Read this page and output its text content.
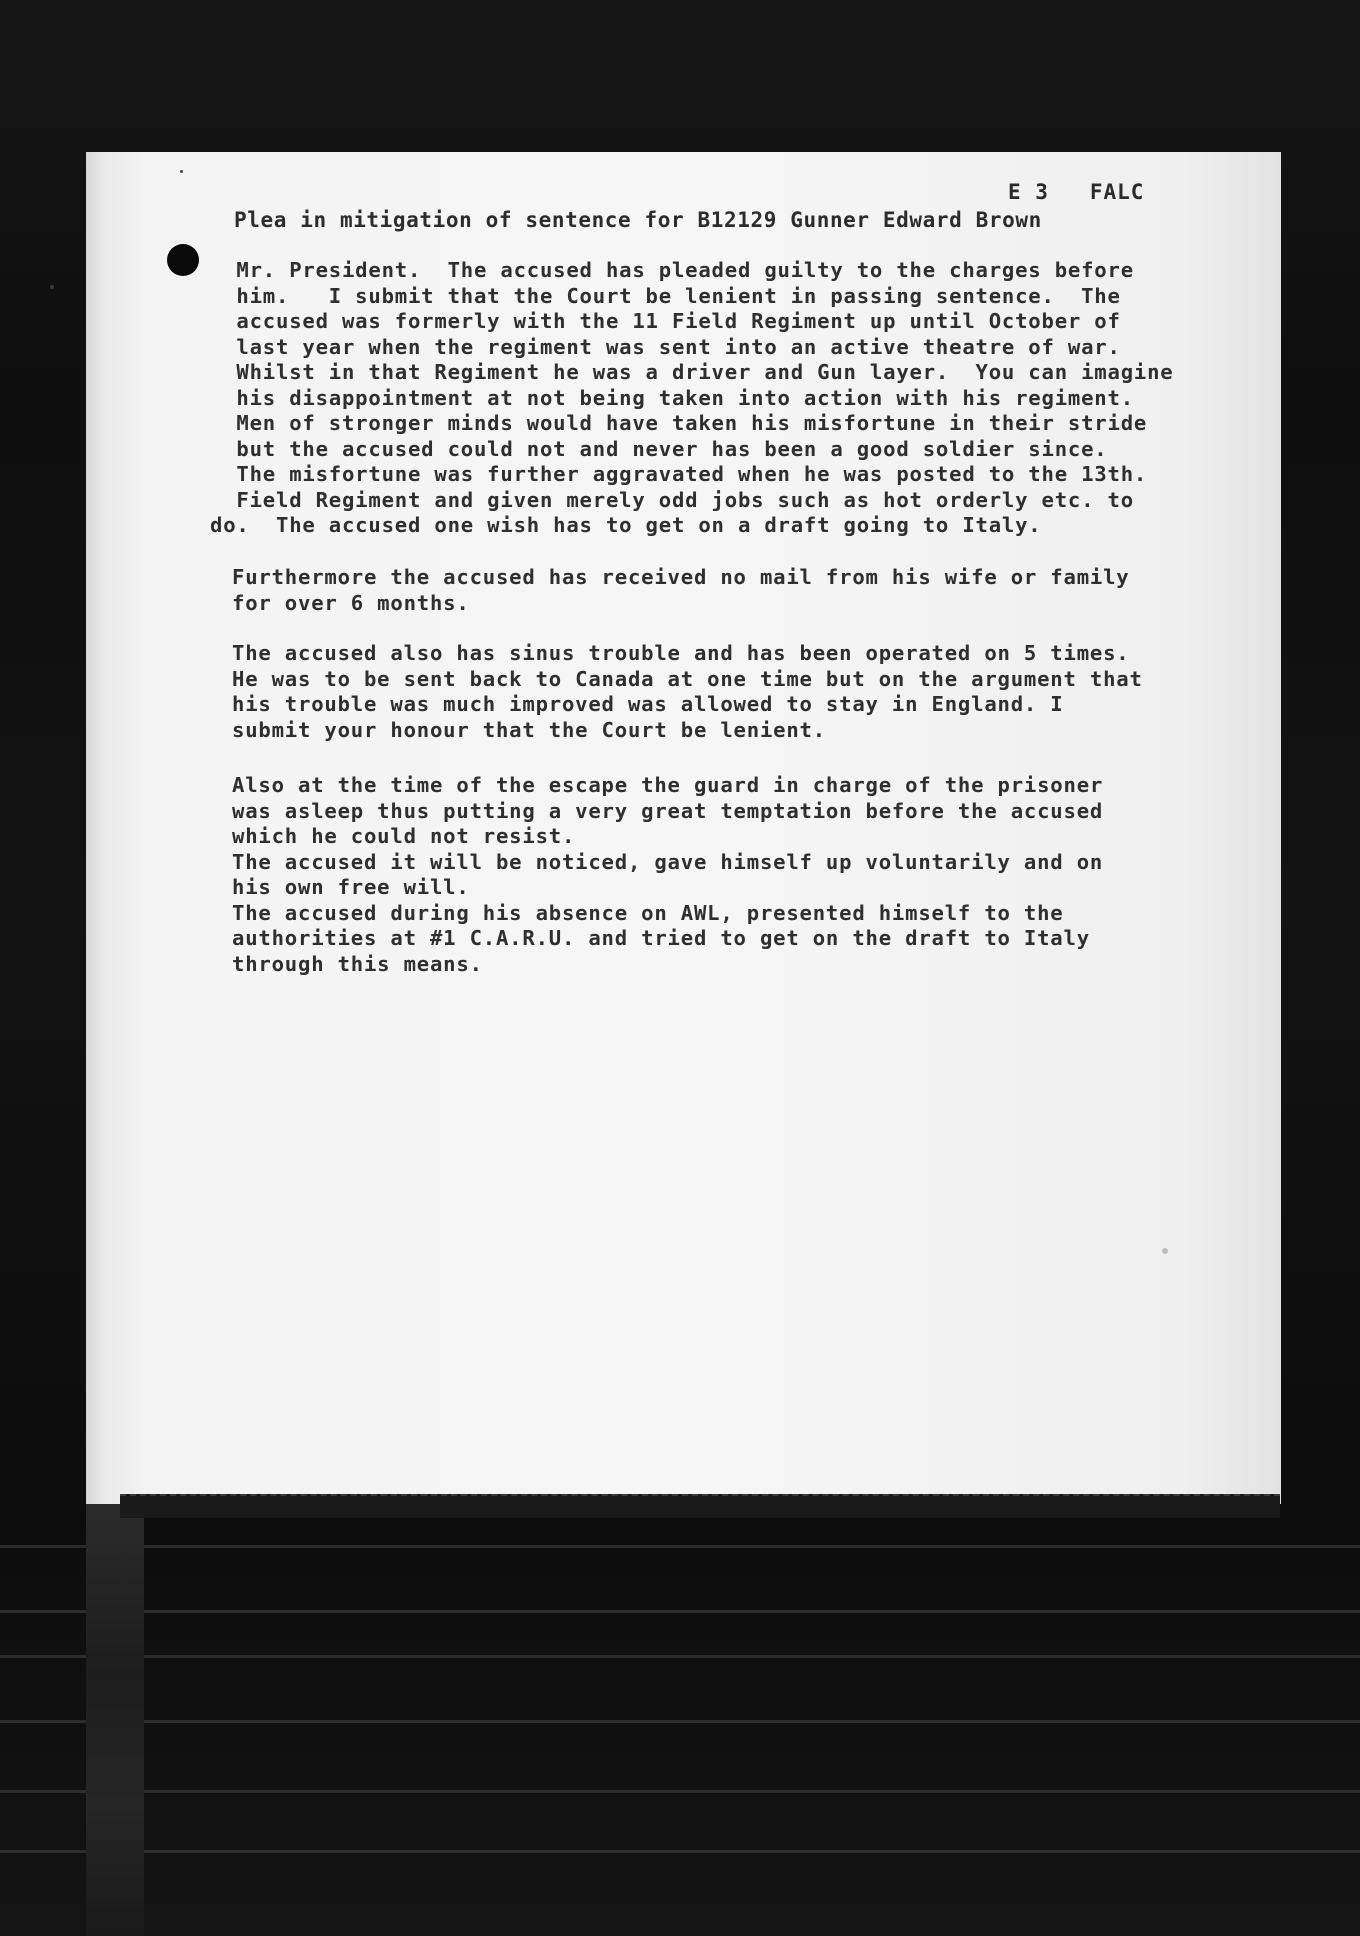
E 3   FALC
Plea in mitigation of sentence for B12129 Gunner Edward Brown
Mr. President.  The accused has pleaded guilty to the charges before
him.   I submit that the Court be lenient in passing sentence.  The
accused was formerly with the 11 Field Regiment up until October of
last year when the regiment was sent into an active theatre of war.
Whilst in that Regiment he was a driver and Gun layer.  You can imagine
his disappointment at not being taken into action with his regiment.
Men of stronger minds would have taken his misfortune in their stride
but the accused could not and never has been a good soldier since.
The misfortune was further aggravated when he was posted to the 13th.
Field Regiment and given merely odd jobs such as hot orderly etc. to
do.  The accused one wish has to get on a draft going to Italy.
Furthermore the accused has received no mail from his wife or family
for over 6 months.
The accused also has sinus trouble and has been operated on 5 times.
He was to be sent back to Canada at one time but on the argument that
his trouble was much improved was allowed to stay in England. I
submit your honour that the Court be lenient.
Also at the time of the escape the guard in charge of the prisoner
was asleep thus putting a very great temptation before the accused
which he could not resist.
The accused it will be noticed, gave himself up voluntarily and on
his own free will.
The accused during his absence on AWL, presented himself to the
authorities at #1 C.A.R.U. and tried to get on the draft to Italy
through this means.
